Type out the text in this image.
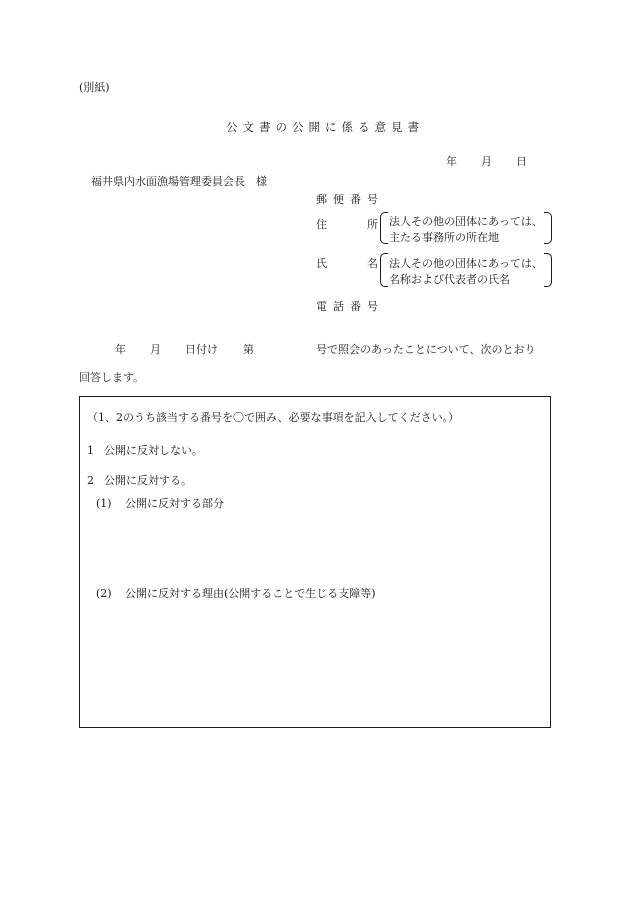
(別紙)
公文書の公開に係る意見書
年 月 日
福井県内水面漁場管理委員会長　様
郵便番号
住	所 法人その他の団体にあっては、
主たる事務所の所在地
氏	名 法人その他の団体にあっては、
名称および代表者の氏名
電話番号
年 月 日付け 第	号で照会のあったことについて、次のとおり
回答します。
（1、2のうち該当する番号を〇で囲み、必要な事項を記入してください。）
1 公開に反対しない。
2 公開に反対する。
(1) 公開に反対する部分
(2) 公開に反対する理由(公開することで生じる支障等)
